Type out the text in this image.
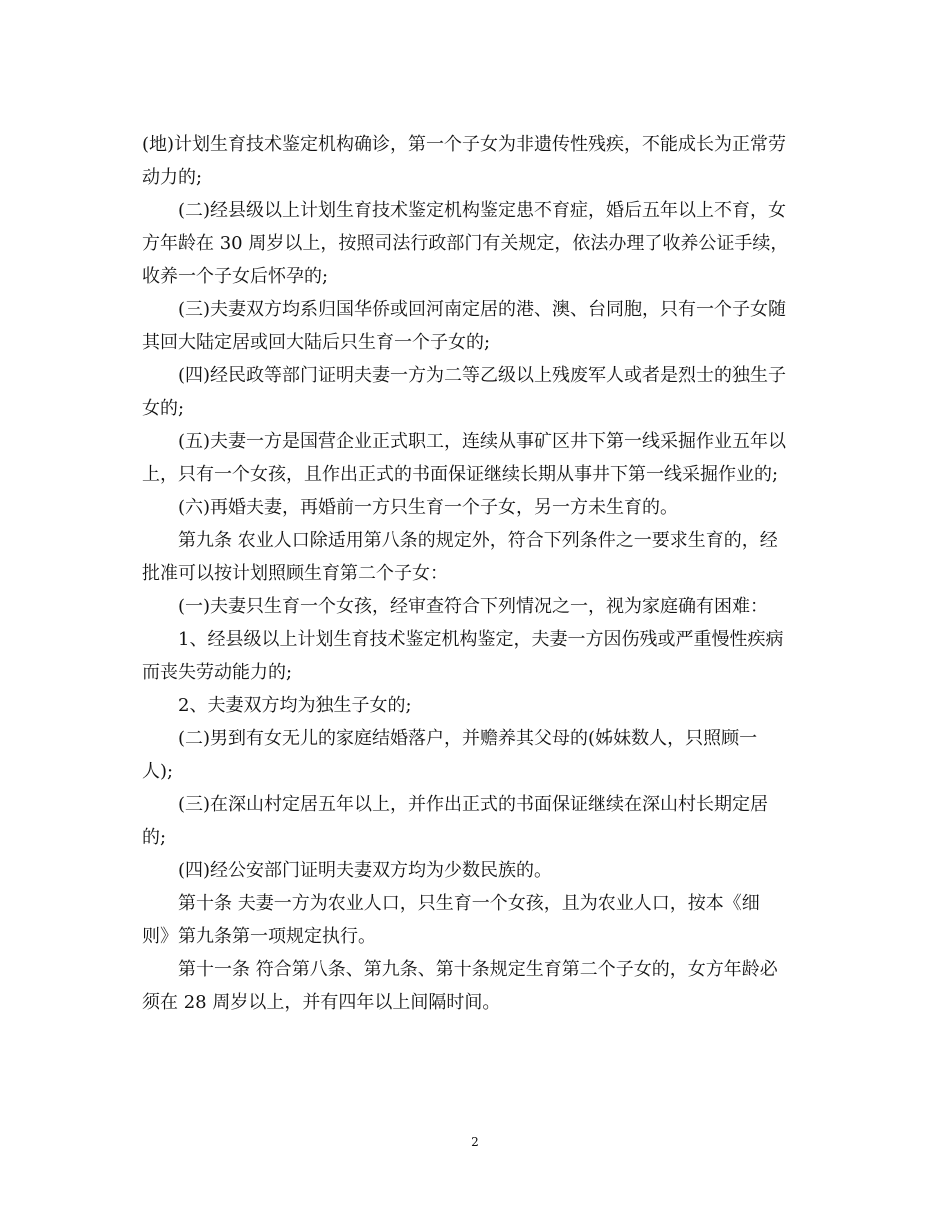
(地)计划生育技术鉴定机构确诊，第一个子女为非遗传性残疾，不能成长为正常劳
动力的;
(二)经县级以上计划生育技术鉴定机构鉴定患不育症，婚后五年以上不育，女
方年龄在 30 周岁以上，按照司法行政部门有关规定，依法办理了收养公证手续，
收养一个子女后怀孕的;
(三)夫妻双方均系归国华侨或回河南定居的港、澳、台同胞，只有一个子女随
其回大陆定居或回大陆后只生育一个子女的;
(四)经民政等部门证明夫妻一方为二等乙级以上残废军人或者是烈士的独生子
女的;
(五)夫妻一方是国营企业正式职工，连续从事矿区井下第一线采掘作业五年以
上，只有一个女孩，且作出正式的书面保证继续长期从事井下第一线采掘作业的;
(六)再婚夫妻，再婚前一方只生育一个子女，另一方未生育的。
第九条 农业人口除适用第八条的规定外，符合下列条件之一要求生育的，经
批准可以按计划照顾生育第二个子女：
(一)夫妻只生育一个女孩，经审查符合下列情况之一，视为家庭确有困难：
1、经县级以上计划生育技术鉴定机构鉴定，夫妻一方因伤残或严重慢性疾病
而丧失劳动能力的;
2、夫妻双方均为独生子女的;
(二)男到有女无儿的家庭结婚落户，并赡养其父母的(姊妹数人，只照顾一
人);
(三)在深山村定居五年以上，并作出正式的书面保证继续在深山村长期定居
的;
(四)经公安部门证明夫妻双方均为少数民族的。
第十条 夫妻一方为农业人口，只生育一个女孩，且为农业人口，按本《细
则》第九条第一项规定执行。
第十一条 符合第八条、第九条、第十条规定生育第二个子女的，女方年龄必
须在 28 周岁以上，并有四年以上间隔时间。
2
